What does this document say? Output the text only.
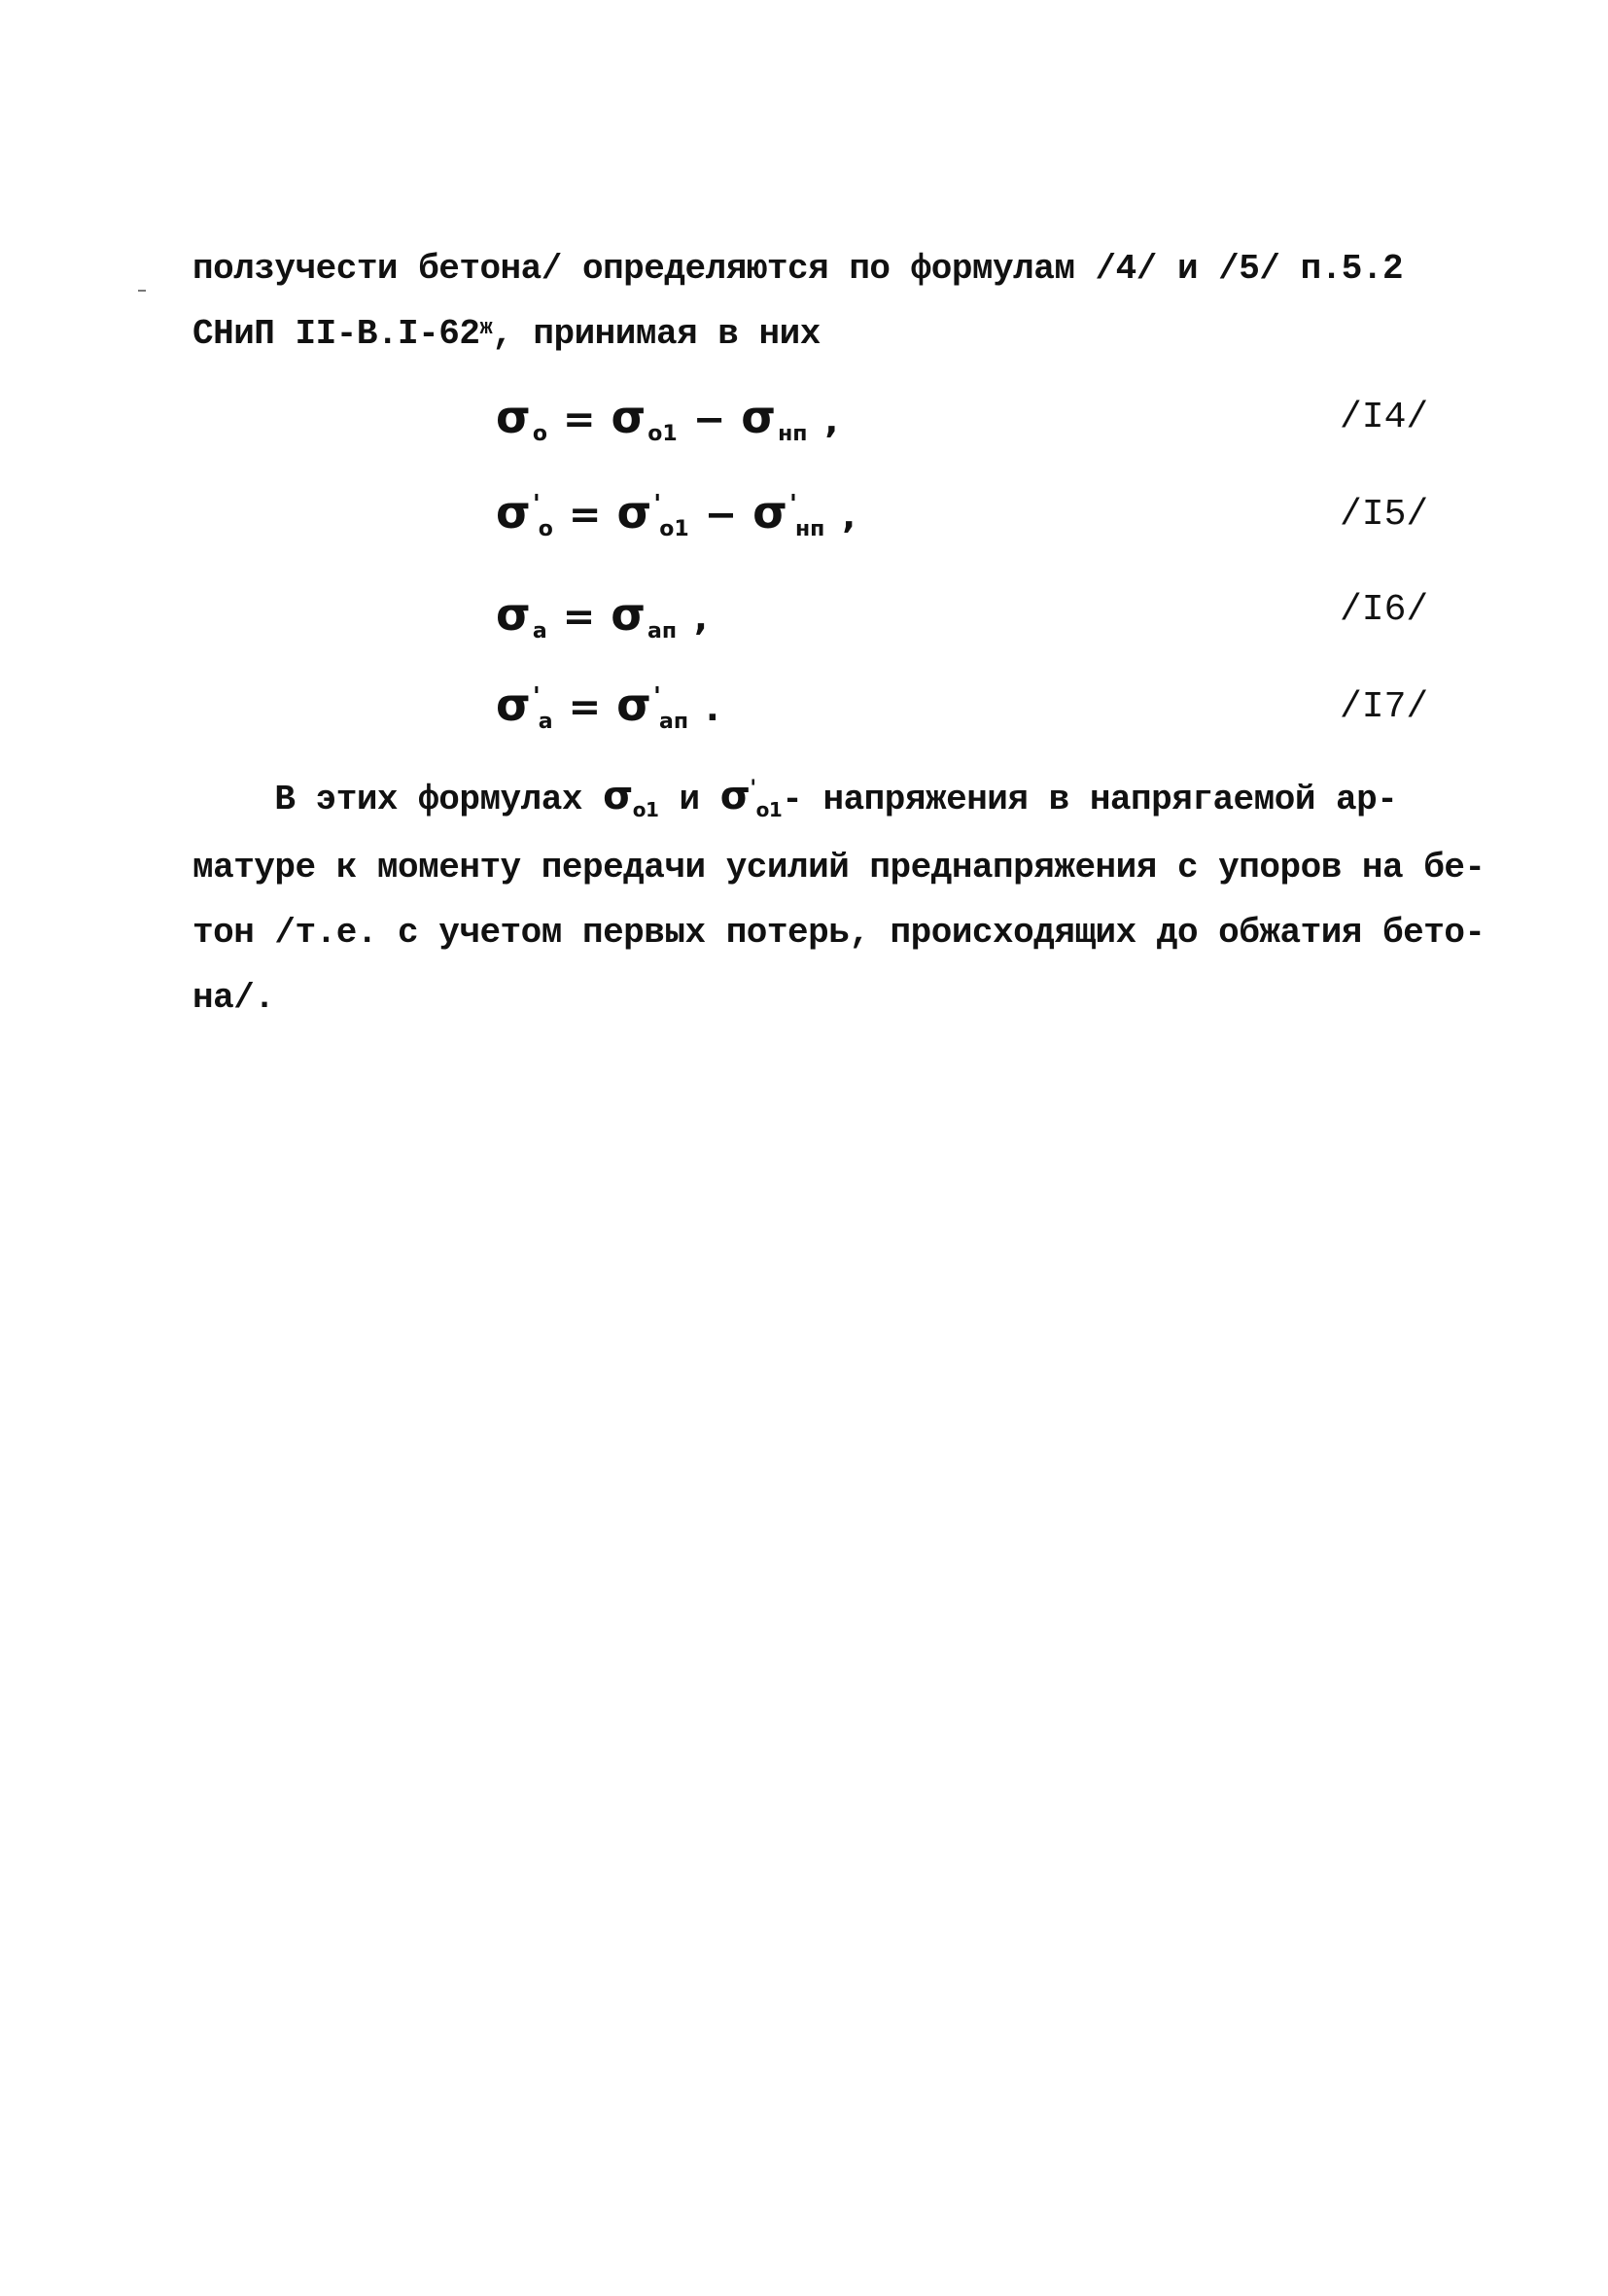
ползучести бетона/ определяются по формулам /4/ и /5/ п.5.2
СНиП $II-В.I-62^ж$, принимая в них
σo = σo1 − σнп ,	/I4/
σ'o = σ'o1 − σ'нп ,	/I5/
σa = σап ,	/I6/
σ'a = σ'ап .	/I7/
В этих формулах $\sigma_{o1}$ и $\sigma'_{o1}-$ напряжения в напрягаемой ар-
матуре к моменту передачи усилий преднапряжения с упоров на бе-
тон /т.е. с учетом первых потерь, происходящих до обжатия бето-
на/.
